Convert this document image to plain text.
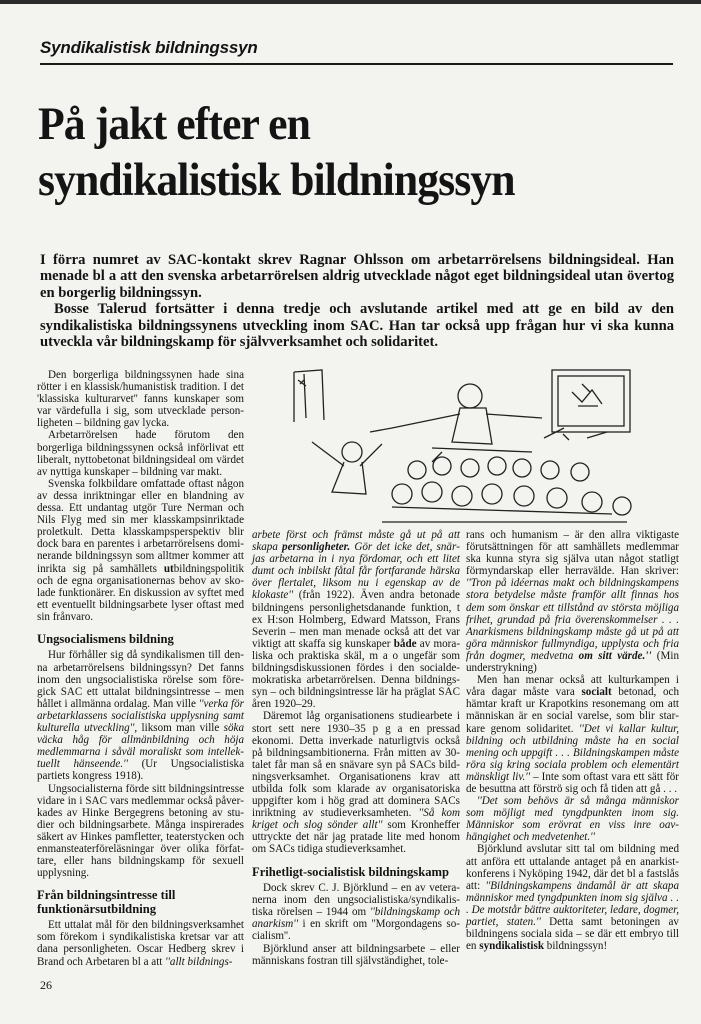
Syndikalistisk bildningssyn
På jakt efter en
syndikalistisk bildningssyn

I förra numret av SAC-kontakt skrev Ragnar Ohlsson om arbetarrörelsens bildningsideal. Han menade bl a att den svenska arbetarrörelsen aldrig utvecklade något eget bildningsideal utan övertog en borgerlig bildningssyn.

Bosse Talerud fortsätter i denna tredje och avslutande artikel med att ge en bild av den syndikalistiska bildningssynens utveckling inom SAC. Han tar också upp frågan hur vi ska kunna utveckla vår bildningskamp för självverksamhet och solidaritet.

Den borgerliga bildningssynen hade sina rötter i en klassisk/humanistisk tradition. I det 'klassiska kulturarvet'' fanns kunskaper som var värdefulla i sig, som utvecklade personligheten – bildning gav lycka.

Arbetarrörelsen hade förutom den borgerliga bildningssynen också införlivat ett liberalt, nyttobetonat bildningsideal om värdet av nyttiga kunskaper – bildning var makt.

Svenska folkbildare omfattade oftast någon av dessa inriktningar eller en blandning av dessa. Ett undantag utgör Ture Nerman och Nils Flyg med sin mer klasskampsinriktade proletkult. Detta klasskampsperspektiv blir dock bara en parentes i arbetarrörelsens dominerande bildningssyn som alltmer kommer att inrikta sig på samhällets utbildningspolitik och de egna organisationernas behov av skolade funktionärer. En diskussion av syftet med ett eventuellt bildningsarbete lyser oftast med sin frånvaro.

Ungsocialismens bildning

Hur förhåller sig då syndikalismen till denna arbetarrörelsens bildningssyn? Det fanns inom den ungsocialistiska rörelse som föregick SAC ett uttalat bildningsintresse – men hållet i allmänna ordalag. Man ville ''verka för arbetarklassens socialistiska upplysning samt kulturella utveckling'', liksom man ville söka väcka håg för allmänbildning och höja medlemmarna i såväl moraliskt som intellektuellt hänseende.'' (Ur Ungsocialistiska partiets kongress 1918).

Ungsocialisterna förde sitt bildningsintresse vidare in i SAC vars medlemmar också påverkades av Hinke Bergegrens betoning av studier och bildningsarbete. Många inspirerades säkert av Hinkes pamfletter, teaterstycken och enmansteaterföreläsningar över olika författare, eller hans bildningskamp för sexuell upplysning.

Från bildningsintresse till funktionärsutbildning

Ett uttalat mål för den bildningsverksamhet som förekom i syndikalistiska kretsar var att dana personligheten. Oscar Hedberg skrev i Brand och Arbetaren bl a att ''allt bildnings-

arbete först och främst måste gå ut på att skapa personligheter. Gör det icke det, snärjas arbetarna in i nya fördomar, och ett litet dumt och inbilskt fåtal får fortfarande härska över flertalet, liksom nu i egenskap av de klokaste'' (från 1922). Även andra betonade bildningens personlighetsdanande funktion, t ex H:son Holmberg, Edward Matsson, Frans Severin – men man menade också att det var viktigt att skaffa sig kunskaper både av moraliska och praktiska skäl, m a o ungefär som bildningsdiskussionen fördes i den socialdemokratiska arbetarrörelsen. Denna bildningssyn – och bildningsintresse lär ha präglat SAC åren 1920–29.

Däremot låg organisationens studiearbete i stort sett nere 1930–35 p g a en pressad ekonomi. Detta inverkade naturligtvis också på bildningsambitionerna. Från mitten av 30-talet får man så en snävare syn på SACs bildningsverksamhet. Organisationens krav att utbilda folk som klarade av organisatoriska uppgifter kom i hög grad att dominera SACs inriktning av studieverksamheten. ''Så kom kriget och slog sönder allt'' som Kronheffer uttryckte det när jag pratade lite med honom om SACs tidiga studieverksamhet.

Frihetligt-socialistisk bildningskamp

Dock skrev C. J. Björklund – en av veteranerna inom den ungsocialistiska/syndikalistiska rörelsen – 1944 om ''bildningskamp och anarkism'' i en skrift om ''Morgondagens socialism''.

Björklund anser att bildningsarbete – eller människans fostran till självständighet, tole-

rans och humanism – är den allra viktigaste förutsättningen för att samhällets medlemmar ska kunna styra sig själva utan något statligt förmyndarskap eller herravälde. Han skriver: ''Tron på idéernas makt och bildningskampens stora betydelse måste framför allt finnas hos dem som önskar ett tillstånd av största möjliga frihet, grundad på fria överenskommelser . . . Anarkismens bildningskamp måste gå ut på att göra människor fullmyndiga, upplysta och fria från dogmer, medvetna om sitt värde.'' (Min understrykning)

Men han menar också att kulturkampen i våra dagar måste vara socialt betonad, och hämtar kraft ur Krapotkins resonemang om att människan är en social varelse, som blir starkare genom solidaritet. ''Det vi kallar kultur, bildning och utbildning måste ha en social mening och uppgift . . . Bildningskampen måste röra sig kring sociala problem och elementärt mänskligt liv.'' – Inte som oftast vara ett sätt för de besuttna att förströ sig och få tiden att gå . . .

''Det som behövs är så många människor som möjligt med tyngdpunkten inom sig. Människor som erövrat en viss inre oavhängighet och medvetenhet.''

Björklund avslutar sitt tal om bildning med att anföra ett uttalande antaget på en anarkistkonferens i Nyköping 1942, där det bl a fastslås att: ''Bildningskampens ändamål är att skapa människor med tyngdpunkten inom sig själva . . . De motstår bättre auktoriteter, ledare, dogmer, partiet, staten.'' Detta samt betoningen av bildningens sociala sida – se där ett embryo till en syndikalistisk bildningssyn!

26
